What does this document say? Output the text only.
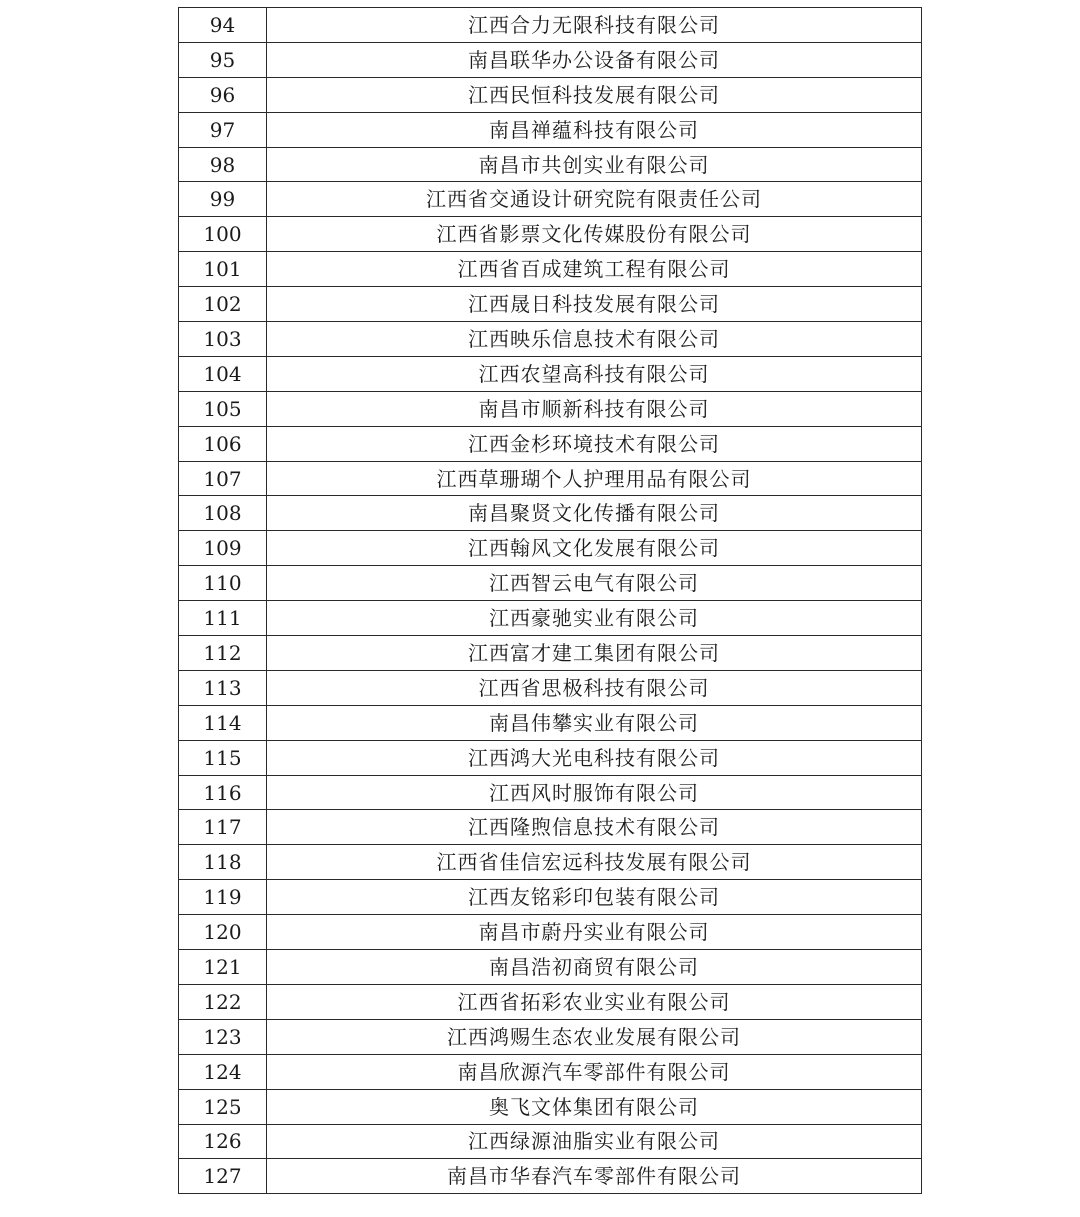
94	江西合力无限科技有限公司
95	南昌联华办公设备有限公司
96	江西民恒科技发展有限公司
97	南昌禅蕴科技有限公司
98	南昌市共创实业有限公司
99	江西省交通设计研究院有限责任公司
100	江西省影票文化传媒股份有限公司
101	江西省百成建筑工程有限公司
102	江西晟日科技发展有限公司
103	江西映乐信息技术有限公司
104	江西农望高科技有限公司
105	南昌市顺新科技有限公司
106	江西金杉环境技术有限公司
107	江西草珊瑚个人护理用品有限公司
108	南昌聚贤文化传播有限公司
109	江西翰风文化发展有限公司
110	江西智云电气有限公司
111	江西豪驰实业有限公司
112	江西富才建工集团有限公司
113	江西省思极科技有限公司
114	南昌伟攀实业有限公司
115	江西鸿大光电科技有限公司
116	江西风时服饰有限公司
117	江西隆煦信息技术有限公司
118	江西省佳信宏远科技发展有限公司
119	江西友铭彩印包装有限公司
120	南昌市蔚丹实业有限公司
121	南昌浩初商贸有限公司
122	江西省拓彩农业实业有限公司
123	江西鸿赐生态农业发展有限公司
124	南昌欣源汽车零部件有限公司
125	奥飞文体集团有限公司
126	江西绿源油脂实业有限公司
127	南昌市华春汽车零部件有限公司
